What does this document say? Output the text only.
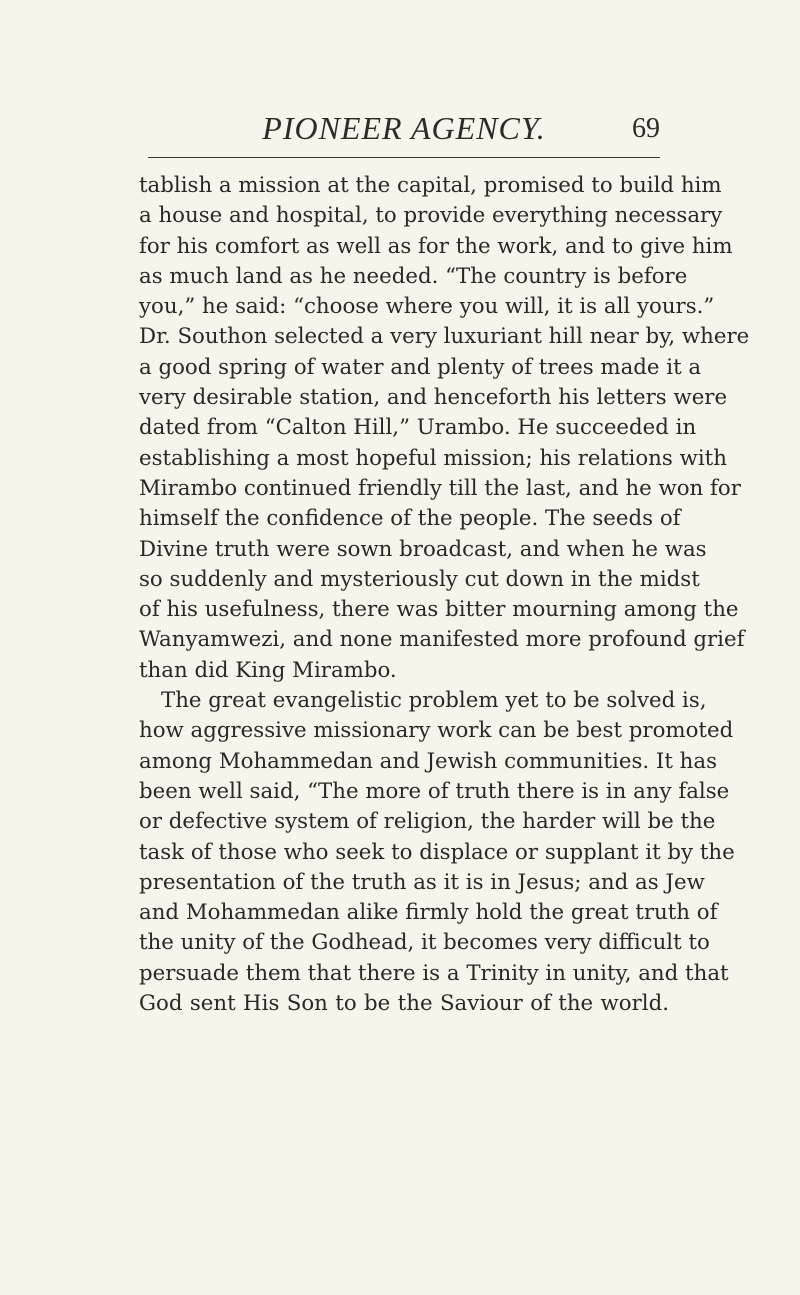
PIONEER AGENCY.	69
tablish a mission at the capital, promised to build him
a house and hospital, to provide everything necessary
for his comfort as well as for the work, and to give him
as much land as he needed. “The country is before
you,” he said: “choose where you will, it is all yours.”
Dr. Southon selected a very luxuriant hill near by, where
a good spring of water and plenty of trees made it a
very desirable station, and henceforth his letters were
dated from “Calton Hill,” Urambo. He succeeded in
establishing a most hopeful mission; his relations with
Mirambo continued friendly till the last, and he won for
himself the confidence of the people. The seeds of
Divine truth were sown broadcast, and when he was
so suddenly and mysteriously cut down in the midst
of his usefulness, there was bitter mourning among the
Wanyamwezi, and none manifested more profound grief
than did King Mirambo.
The great evangelistic problem yet to be solved is,
how aggressive missionary work can be best promoted
among Mohammedan and Jewish communities. It has
been well said, “The more of truth there is in any false
or defective system of religion, the harder will be the
task of those who seek to displace or supplant it by the
presentation of the truth as it is in Jesus; and as Jew
and Mohammedan alike firmly hold the great truth of
the unity of the Godhead, it becomes very difficult to
persuade them that there is a Trinity in unity, and that
God sent His Son to be the Saviour of the world.
